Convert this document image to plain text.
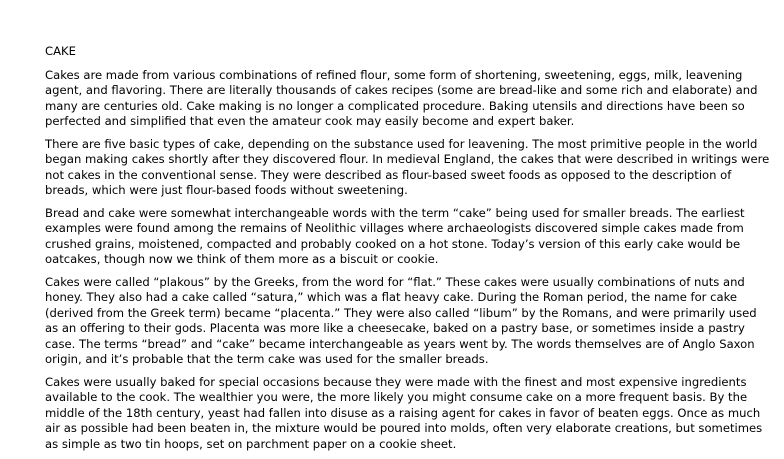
CAKE

Cakes are made from various combinations of refined flour, some form of shortening, sweetening, eggs, milk, leavening agent, and flavoring. There are literally thousands of cakes recipes (some are bread-like and some rich and elaborate) and many are centuries old. Cake making is no longer a complicated procedure. Baking utensils and directions have been so perfected and simplified that even the amateur cook may easily become and expert baker.

There are five basic types of cake, depending on the substance used for leavening. The most primitive people in the world began making cakes shortly after they discovered flour. In medieval England, the cakes that were described in writings were not cakes in the conventional sense. They were described as flour-based sweet foods as opposed to the description of breads, which were just flour-based foods without sweetening.

Bread and cake were somewhat interchangeable words with the term “cake” being used for smaller breads. The earliest examples were found among the remains of Neolithic villages where archaeologists discovered simple cakes made from crushed grains, moistened, compacted and probably cooked on a hot stone. Today’s version of this early cake would be oatcakes, though now we think of them more as a biscuit or cookie.

Cakes were called “plakous” by the Greeks, from the word for “flat.” These cakes were usually combinations of nuts and honey. They also had a cake called “satura,” which was a flat heavy cake. During the Roman period, the name for cake (derived from the Greek term) became “placenta.” They were also called “libum” by the Romans, and were primarily used as an offering to their gods. Placenta was more like a cheesecake, baked on a pastry base, or sometimes inside a pastry case. The terms “bread” and “cake” became interchangeable as years went by. The words themselves are of Anglo Saxon origin, and it’s probable that the term cake was used for the smaller breads.

Cakes were usually baked for special occasions because they were made with the finest and most expensive ingredients available to the cook. The wealthier you were, the more likely you might consume cake on a more frequent basis. By the middle of the 18th century, yeast had fallen into disuse as a raising agent for cakes in favor of beaten eggs. Once as much air as possible had been beaten in, the mixture would be poured into molds, often very elaborate creations, but sometimes as simple as two tin hoops, set on parchment paper on a cookie sheet.
